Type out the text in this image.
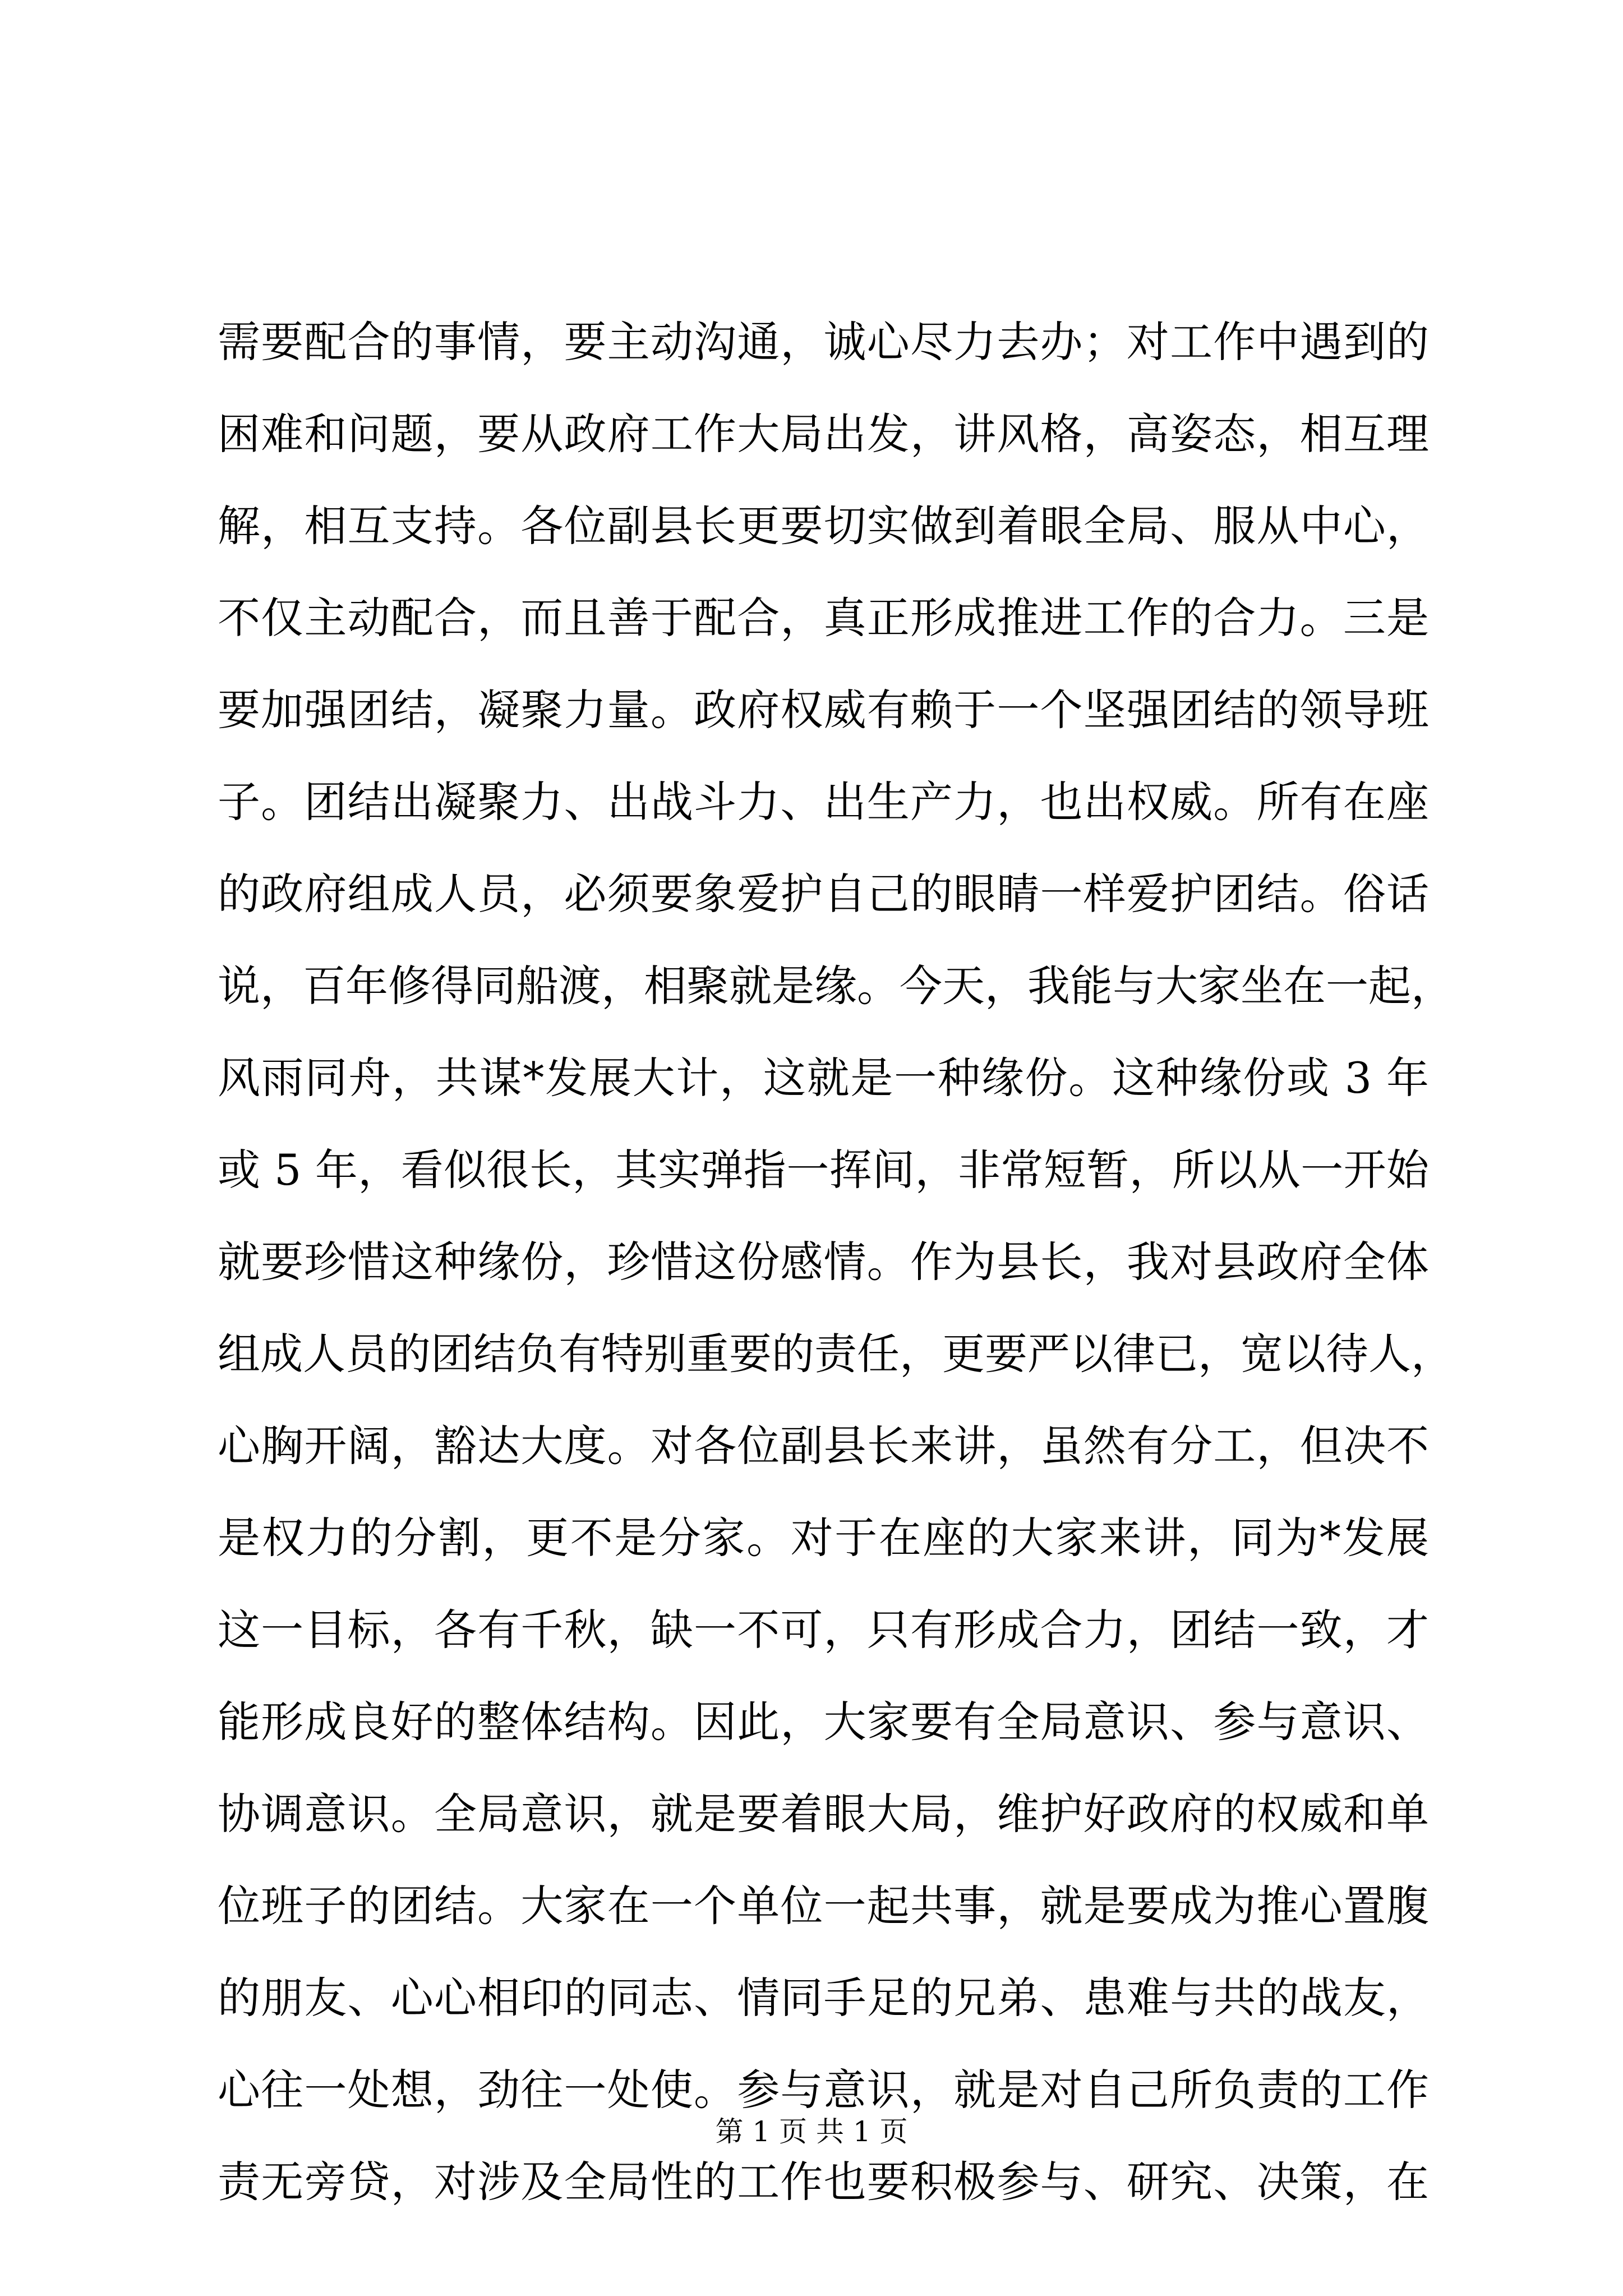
需要配合的事情，要主动沟通，诚心尽力去办；对工作中遇到的
困难和问题，要从政府工作大局出发，讲风格，高姿态，相互理
解，相互支持。各位副县长更要切实做到着眼全局、服从中心，
不仅主动配合，而且善于配合，真正形成推进工作的合力。三是
要加强团结，凝聚力量。政府权威有赖于一个坚强团结的领导班
子。团结出凝聚力、出战斗力、出生产力，也出权威。所有在座
的政府组成人员，必须要象爱护自己的眼睛一样爱护团结。俗话
说，百年修得同船渡，相聚就是缘。今天，我能与大家坐在一起，
风雨同舟，共谋*发展大计，这就是一种缘份。这种缘份或 3 年
或 5 年，看似很长，其实弹指一挥间，非常短暂，所以从一开始
就要珍惜这种缘份，珍惜这份感情。作为县长，我对县政府全体
组成人员的团结负有特别重要的责任，更要严以律已，宽以待人，
心胸开阔，豁达大度。对各位副县长来讲，虽然有分工，但决不
是权力的分割，更不是分家。对于在座的大家来讲，同为*发展
这一目标，各有千秋，缺一不可，只有形成合力，团结一致，才
能形成良好的整体结构。因此，大家要有全局意识、参与意识、
协调意识。全局意识，就是要着眼大局，维护好政府的权威和单
位班子的团结。大家在一个单位一起共事，就是要成为推心置腹
的朋友、心心相印的同志、情同手足的兄弟、患难与共的战友，
心往一处想，劲往一处使。参与意识，就是对自己所负责的工作
责无旁贷，对涉及全局性的工作也要积极参与、研究、决策，在
第 1 页 共 1 页
